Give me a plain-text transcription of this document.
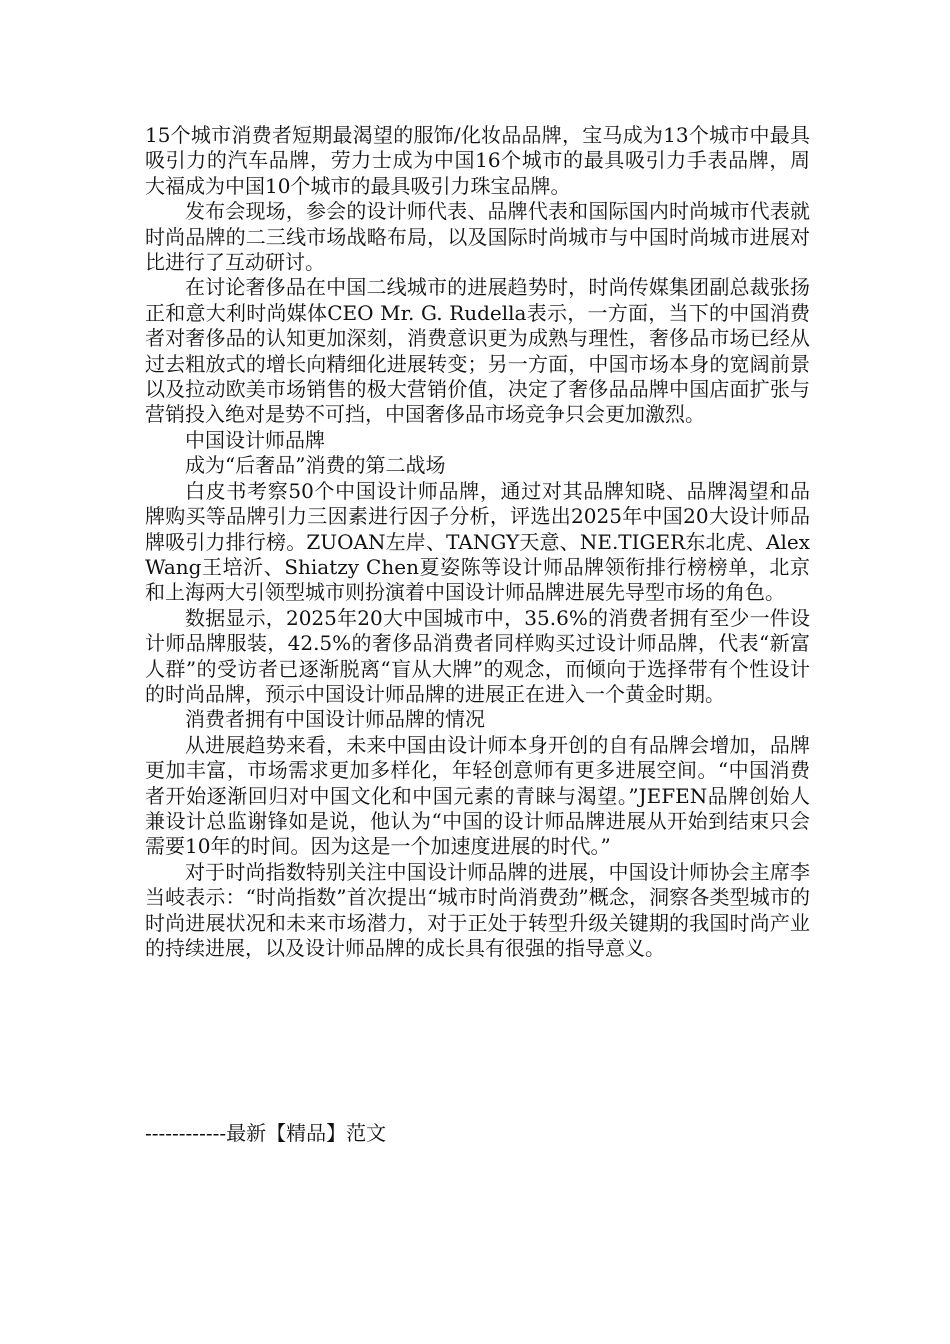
15个城市消费者短期最渴望的服饰/化妆品品牌，宝马成为13个城市中最具吸引力的汽车品牌，劳力士成为中国16个城市的最具吸引力手表品牌，周大福成为中国10个城市的最具吸引力珠宝品牌。

发布会现场，参会的设计师代表、品牌代表和国际国内时尚城市代表就时尚品牌的二三线市场战略布局，以及国际时尚城市与中国时尚城市进展对比进行了互动研讨。

在讨论奢侈品在中国二线城市的进展趋势时，时尚传媒集团副总裁张扬正和意大利时尚媒体CEO Mr. G. Rudella表示，一方面，当下的中国消费者对奢侈品的认知更加深刻，消费意识更为成熟与理性，奢侈品市场已经从过去粗放式的增长向精细化进展转变；另一方面，中国市场本身的宽阔前景以及拉动欧美市场销售的极大营销价值，决定了奢侈品品牌中国店面扩张与营销投入绝对是势不可挡，中国奢侈品市场竞争只会更加激烈。

中国设计师品牌

成为“后奢品”消费的第二战场

白皮书考察50个中国设计师品牌，通过对其品牌知晓、品牌渴望和品牌购买等品牌引力三因素进行因子分析，评选出2025年中国20大设计师品牌吸引力排行榜。ZUOAN左岸、TANGY天意、NE.TIGER东北虎、Alex Wang王培沂、Shiatzy Chen夏姿陈等设计师品牌领衔排行榜榜单，北京和上海两大引领型城市则扮演着中国设计师品牌进展先导型市场的角色。

数据显示，2025年20大中国城市中，35.6%的消费者拥有至少一件设计师品牌服装，42.5%的奢侈品消费者同样购买过设计师品牌，代表“新富人群”的受访者已逐渐脱离“盲从大牌”的观念，而倾向于选择带有个性设计的时尚品牌，预示中国设计师品牌的进展正在进入一个黄金时期。

消费者拥有中国设计师品牌的情况

从进展趋势来看，未来中国由设计师本身开创的自有品牌会增加，品牌更加丰富，市场需求更加多样化，年轻创意师有更多进展空间。“中国消费者开始逐渐回归对中国文化和中国元素的青睐与渴望。”JEFEN品牌创始人兼设计总监谢锋如是说，他认为“中国的设计师品牌进展从开始到结束只会需要10年的时间。因为这是一个加速度进展的时代。”

对于时尚指数特别关注中国设计师品牌的进展，中国设计师协会主席李当岐表示：“时尚指数”首次提出“城市时尚消费劲”概念，洞察各类型城市的时尚进展状况和未来市场潜力，对于正处于转型升级关键期的我国时尚产业的持续进展，以及设计师品牌的成长具有很强的指导意义。

------------最新【精品】范文
